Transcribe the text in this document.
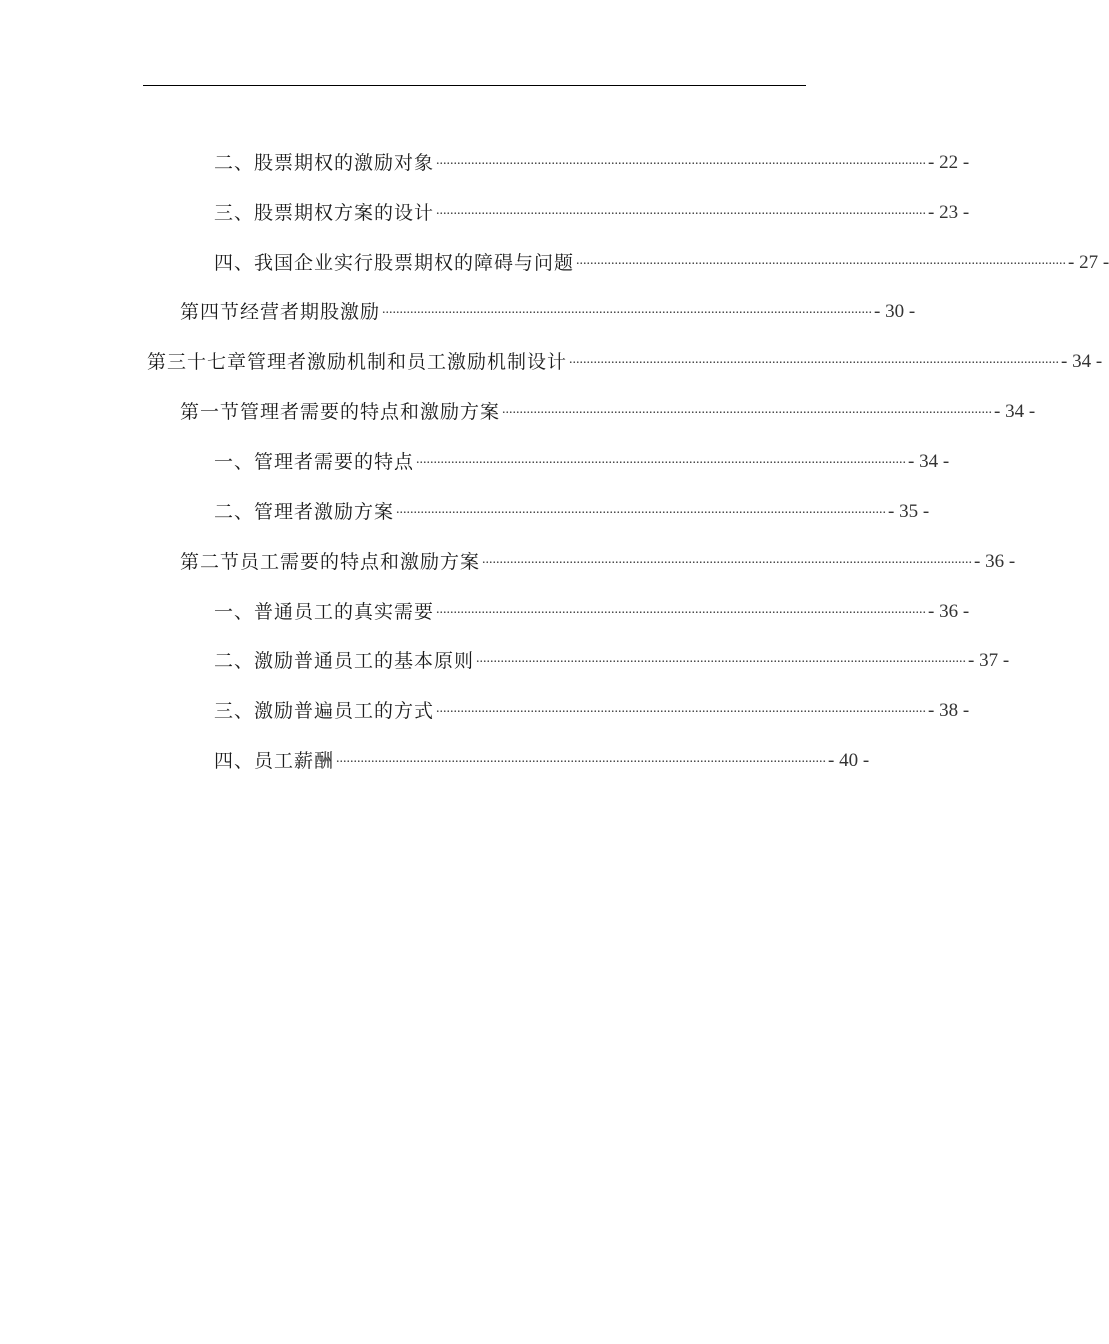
二、股票期权的激励对象 ............................................................................................................................................ - 22 -
三、股票期权方案的设计 ............................................................................................................................................ - 23 -
四、我国企业实行股票期权的障碍与问题 ............................................................................................................................................ - 27 -
第四节 经营者期股激励 ............................................................................................................................................ - 30 -
第三十七章 管理者激励机制和员工激励机制设计 ............................................................................................................................................ - 34 -
第一节 管理者需要的特点和激励方案 ............................................................................................................................................ - 34 -
一、管理者需要的特点 ............................................................................................................................................ - 34 -
二、管理者激励方案 ............................................................................................................................................ - 35 -
第二节 员工需要的特点和激励方案 ............................................................................................................................................ - 36 -
一、普通员工的真实需要 ............................................................................................................................................ - 36 -
二、激励普通员工的基本原则 ............................................................................................................................................ - 37 -
三、激励普遍员工的方式 ............................................................................................................................................ - 38 -
四、员工薪酬 ............................................................................................................................................ - 40 -
